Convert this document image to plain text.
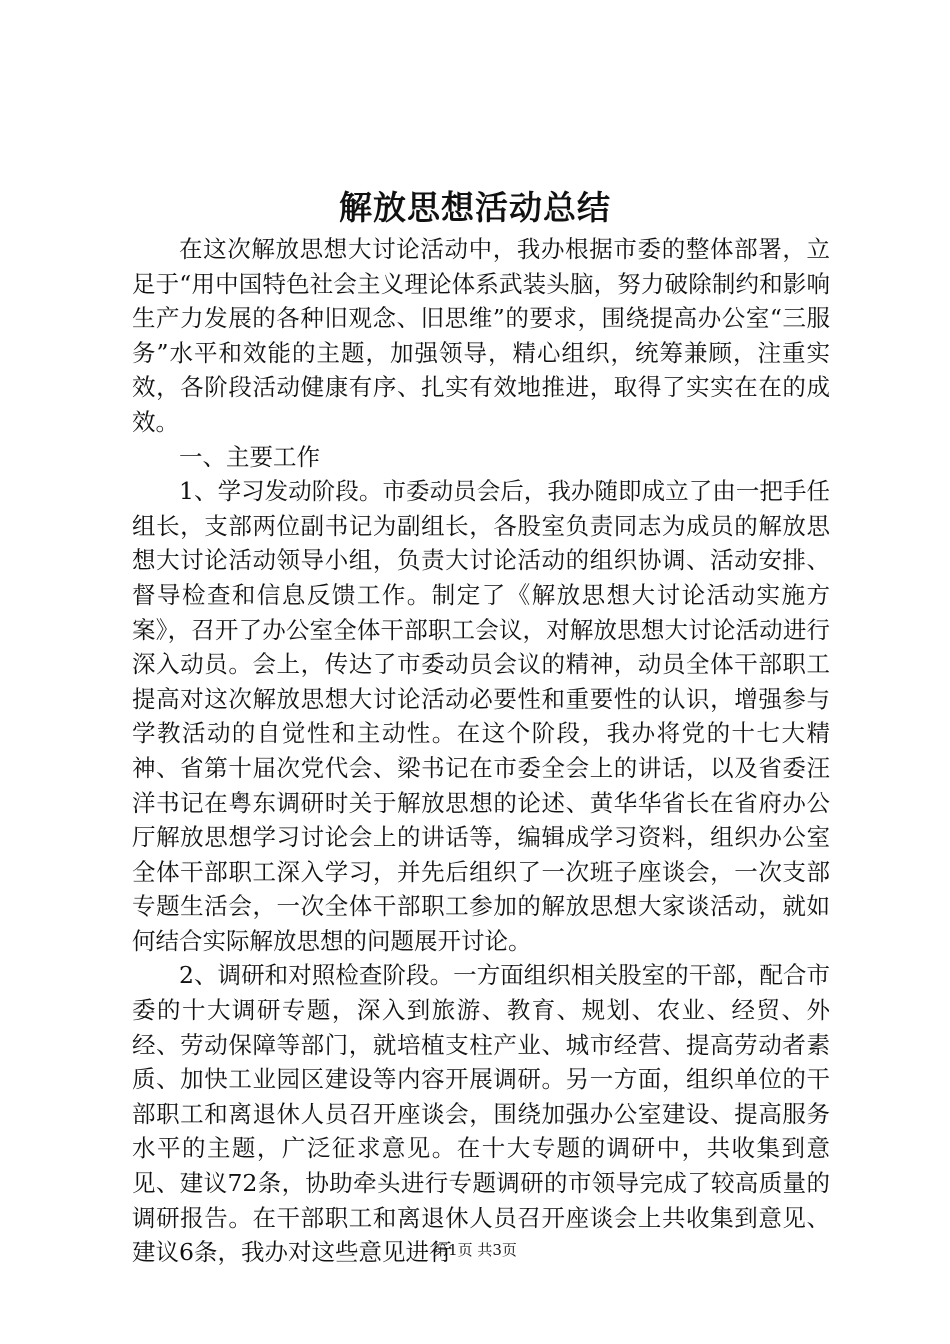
解放思想活动总结

在这次解放思想大讨论活动中，我办根据市委的整体部署，立足于“用中国特色社会主义理论体系武装头脑，努力破除制约和影响生产力发展的各种旧观念、旧思维”的要求，围绕提高办公室“三服务”水平和效能的主题，加强领导，精心组织，统筹兼顾，注重实效，各阶段活动健康有序、扎实有效地推进，取得了实实在在的成效。

一、主要工作

1、学习发动阶段。市委动员会后，我办随即成立了由一把手任组长，支部两位副书记为副组长，各股室负责同志为成员的解放思想大讨论活动领导小组，负责大讨论活动的组织协调、活动安排、督导检查和信息反馈工作。制定了《解放思想大讨论活动实施方案》，召开了办公室全体干部职工会议，对解放思想大讨论活动进行深入动员。会上，传达了市委动员会议的精神，动员全体干部职工提高对这次解放思想大讨论活动必要性和重要性的认识，增强参与学教活动的自觉性和主动性。在这个阶段，我办将党的十七大精神、省第十届次党代会、梁书记在市委全会上的讲话，以及省委汪洋书记在粤东调研时关于解放思想的论述、黄华华省长在省府办公厅解放思想学习讨论会上的讲话等，编辑成学习资料，组织办公室全体干部职工深入学习，并先后组织了一次班子座谈会，一次支部专题生活会，一次全体干部职工参加的解放思想大家谈活动，就如何结合实际解放思想的问题展开讨论。

2、调研和对照检查阶段。一方面组织相关股室的干部，配合市委的十大调研专题，深入到旅游、教育、规划、农业、经贸、外经、劳动保障等部门，就培植支柱产业、城市经营、提高劳动者素质、加快工业园区建设等内容开展调研。另一方面，组织单位的干部职工和离退休人员召开座谈会，围绕加强办公室建设、提高服务水平的主题，广泛征求意见。在十大专题的调研中，共收集到意见、建议72条，协助牵头进行专题调研的市领导完成了较高质量的调研报告。在干部职工和离退休人员召开座谈会上共收集到意见、建议6条，我办对这些意见进行

第1页 共3页
